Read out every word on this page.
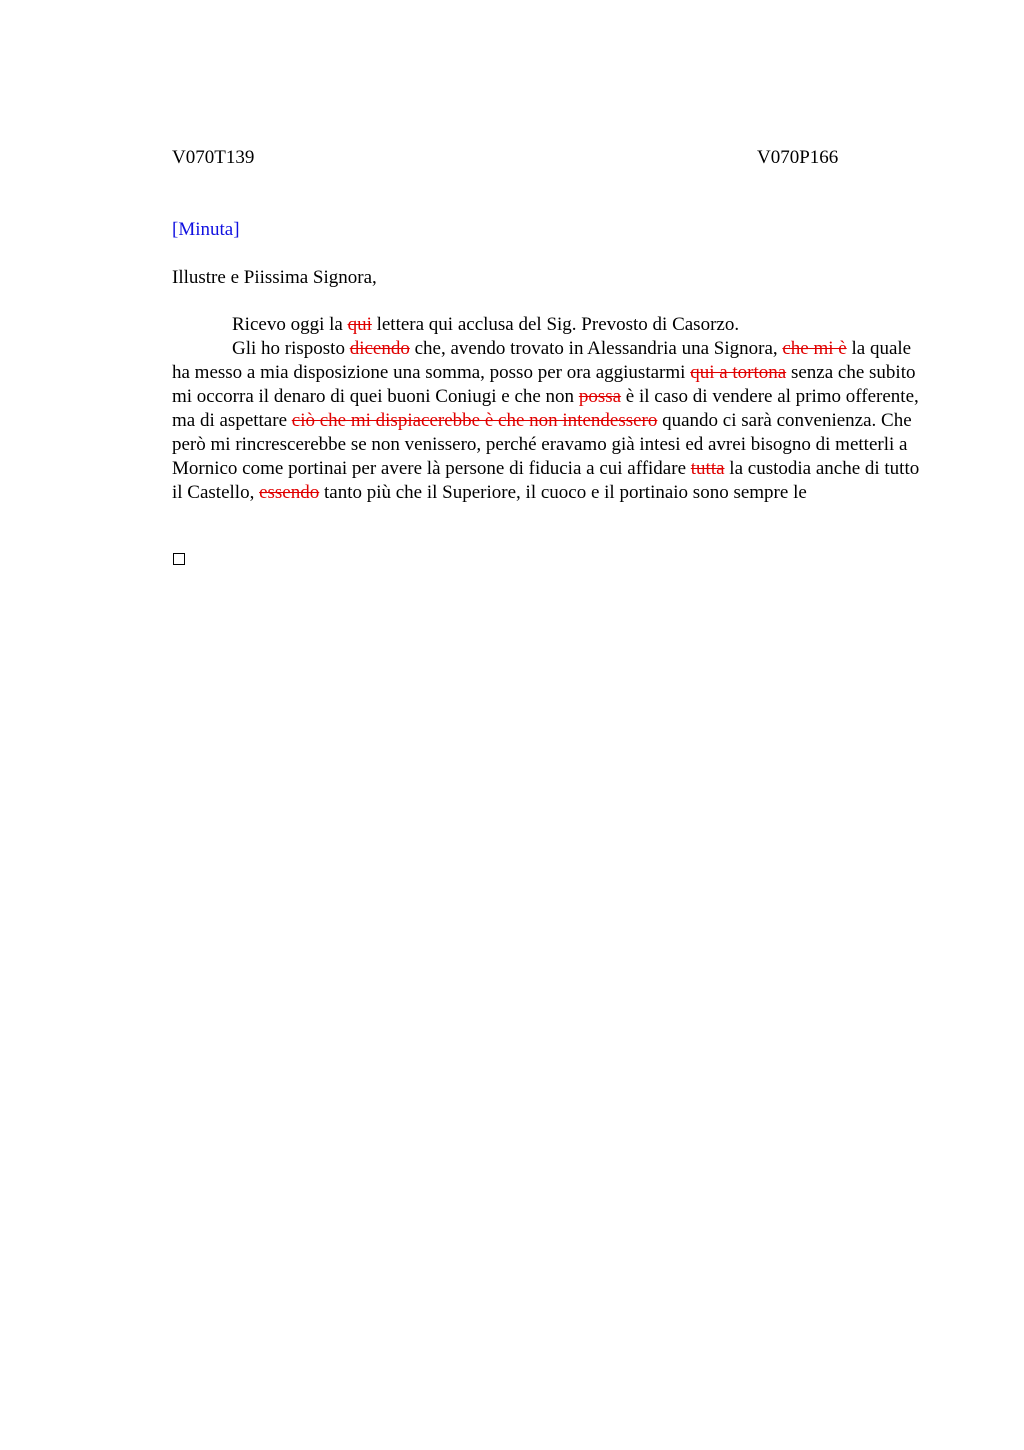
V070T139	V070P166
[Minuta]
Illustre e Piissima Signora,

Ricevo oggi la qui lettera qui acclusa del Sig. Prevosto di Casorzo.

Gli ho risposto dicendo che, avendo trovato in Alessandria una Signora, che mi è la quale ha messo a mia disposizione una somma, posso per ora aggiustarmi qui a tortona senza che subito mi occorra il denaro di quei buoni Coniugi e che non possa è il caso di vendere al primo offerente, ma di aspettare ciò che mi dispiacerebbe è che non intendessero quando ci sarà convenienza. Che però mi rincrescerebbe se non venissero, perché eravamo già intesi ed avrei bisogno di metterli a Mornico come portinai per avere là persone di fiducia a cui affidare tutta la custodia anche di tutto il Castello, essendo tanto più che il Superiore, il cuoco e il portinaio sono sempre le
